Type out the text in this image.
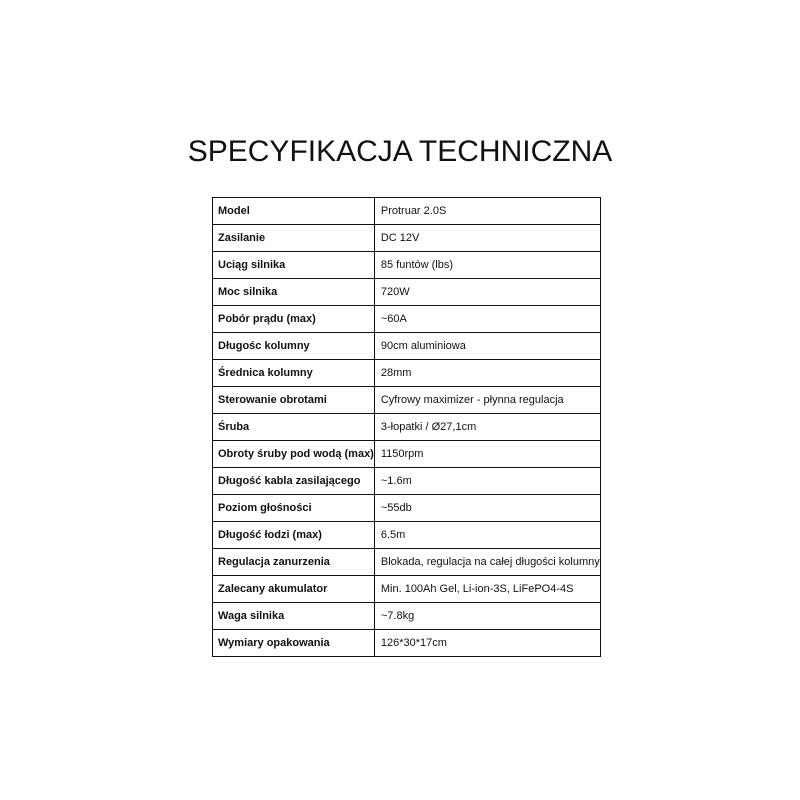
SPECYFIKACJA TECHNICZNA
Model	Protruar 2.0S
Zasilanie	DC 12V
Uciąg silnika	85 funtów (lbs)
Moc silnika	720W
Pobór prądu (max)	~60A
Długośc kolumny	90cm aluminiowa
Średnica kolumny	28mm
Sterowanie obrotami	Cyfrowy maximizer - płynna regulacja
Śruba	3-łopatki / Ø27,1cm
Obroty śruby pod wodą (max)	1150rpm
Długość kabla zasilającego	~1.6m
Poziom głośności	~55db
Długość łodzi (max)	6.5m
Regulacja zanurzenia	Blokada, regulacja na całej długości kolumny
Zalecany akumulator	Min. 100Ah Gel, Li-ion-3S, LiFePO4-4S
Waga silnika	~7.8kg
Wymiary opakowania	126*30*17cm
